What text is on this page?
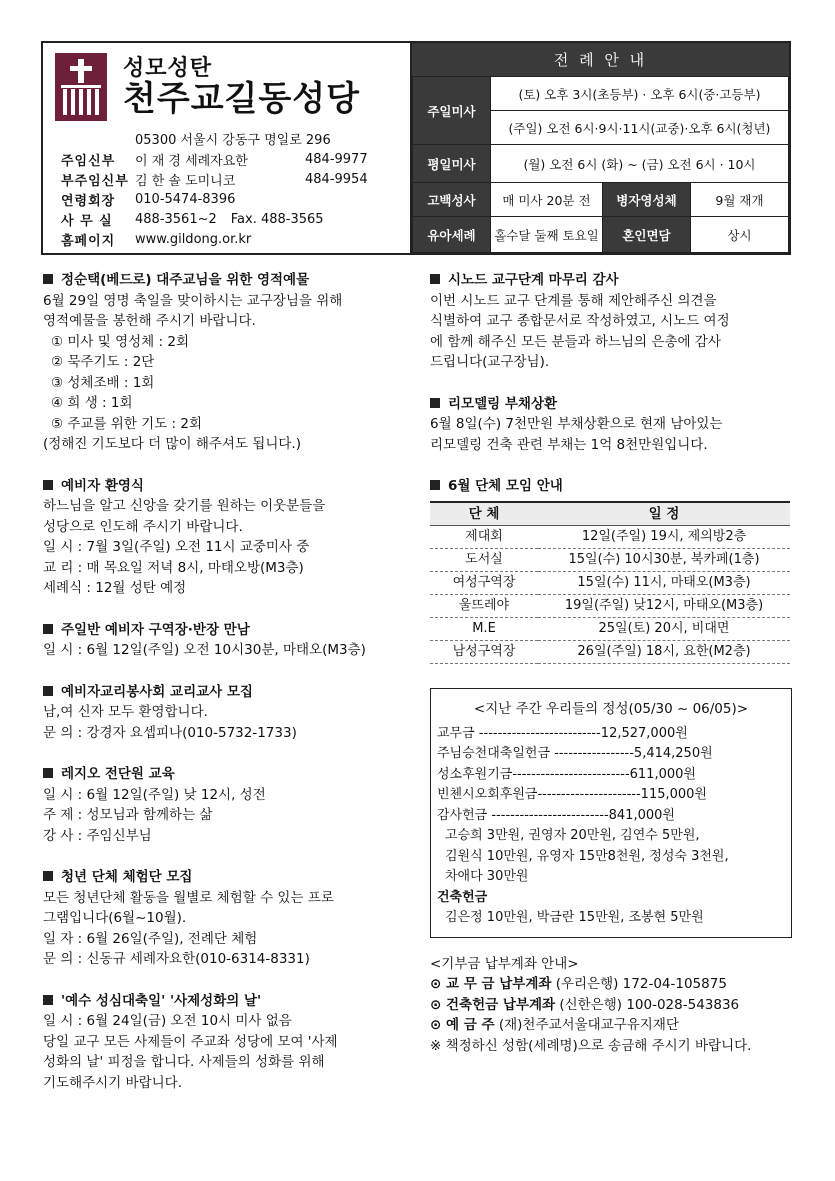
성모성탄
천주교길동성당
05300 서울시 강동구 명일로 296
주임신부	이 재 경 세례자요한	484-9977
부주임신부 김 한 솔 도미니코	484-9954
연령회장	010-5474-8396
사 무 실	488-3561~2 Fax. 488-3565
홈페이지	www.gildong.or.kr
전 례 안 내
주일미사	(토) 오후 3시(초등부) · 오후 6시(중·고등부)		
	(주일) 오전 6시·9시·11시(교중)·오후 6시(청년)		
평일미사	(월) 오전 6시 (화) ~ (금) 오전 6시 · 10시		
고백성사	매 미사 20분 전	병자영성체	9월 재개
유아세례	홀수달 둘째 토요일	혼인면담	상시
정순택(베드로) 대주교님을 위한 영적예물
6월 29일 영명 축일을 맞이하시는 교구장님을 위해
영적예물을 봉헌해 주시기 바랍니다.
① 미사 및 영성체 : 2회
② 묵주기도 : 2단
③ 성체조배 : 1회
④ 희 생 : 1회
⑤ 주교를 위한 기도 : 2회
(정해진 기도보다 더 많이 해주셔도 됩니다.)
예비자 환영식
하느님을 알고 신앙을 갖기를 원하는 이웃분들을
성당으로 인도해 주시기 바랍니다.
일 시 : 7월 3일(주일) 오전 11시 교중미사 중
교 리 : 매 목요일 저녁 8시, 마태오방(M3층)
세례식 : 12월 성탄 예정
주일반 예비자 구역장·반장 만남
일 시 : 6월 12일(주일) 오전 10시30분, 마태오(M3층)
예비자교리봉사회 교리교사 모집
남,여 신자 모두 환영합니다.
문 의 : 강경자 요셉피나(010-5732-1733)
레지오 전단원 교육
일 시 : 6월 12일(주일) 낮 12시, 성전
주 제 : 성모님과 함께하는 삶
강 사 : 주임신부님
청년 단체 체험단 모집
모든 청년단체 활동을 월별로 체험할 수 있는 프로
그램입니다(6월~10월).
일 자 : 6월 26일(주일), 전례단 체험
문 의 : 신동규 세례자요한(010-6314-8331)
'예수 성심대축일' '사제성화의 날'
일 시 : 6월 24일(금) 오전 10시 미사 없음
당일 교구 모든 사제들이 주교좌 성당에 모여 '사제
성화의 날' 피정을 합니다. 사제들의 성화를 위해
기도해주시기 바랍니다.
시노드 교구단계 마무리 감사
이번 시노드 교구 단계를 통해 제안해주신 의견을
식별하여 교구 종합문서로 작성하였고, 시노드 여정
에 함께 해주신 모든 분들과 하느님의 은총에 감사
드립니다(교구장님).
리모델링 부채상환
6월 8일(수) 7천만원 부채상환으로 현재 남아있는
리모델링 건축 관련 부채는 1억 8천만원입니다.
6월 단체 모임 안내
단 체	일 정
제대회	12일(주일) 19시, 제의방2층
도서실	15일(수) 10시30분, 북카페(1층)
여성구역장	15일(수) 11시, 마태오(M3층)
울뜨레야	19일(주일) 낮12시, 마태오(M3층)
M.E	25일(토) 20시, 비대면
남성구역장	26일(주일) 18시, 요한(M2층)
<지난 주간 우리들의 정성(05/30 ~ 06/05)>
교무금 --------------------------12,527,000원
주님승천대축일헌금 -----------------5,414,250원
성소후원기금-------------------------611,000원
빈첸시오회후원금----------------------115,000원
감사헌금 -------------------------841,000원
고승희 3만원, 권영자 20만원, 김연수 5만원,
김원식 10만원, 유영자 15만8천원, 정성숙 3천원,
차애다 30만원
건축헌금
김은정 10만원, 박금란 15만원, 조봉현 5만원
<기부금 납부계좌 안내>
⊙ 교 무 금 납부계좌 (우리은행) 172-04-105875
⊙ 건축헌금 납부계좌 (신한은행) 100-028-543836
⊙ 예 금 주 (재)천주교서울대교구유지재단
※ 책정하신 성함(세례명)으로 송금해 주시기 바랍니다.
